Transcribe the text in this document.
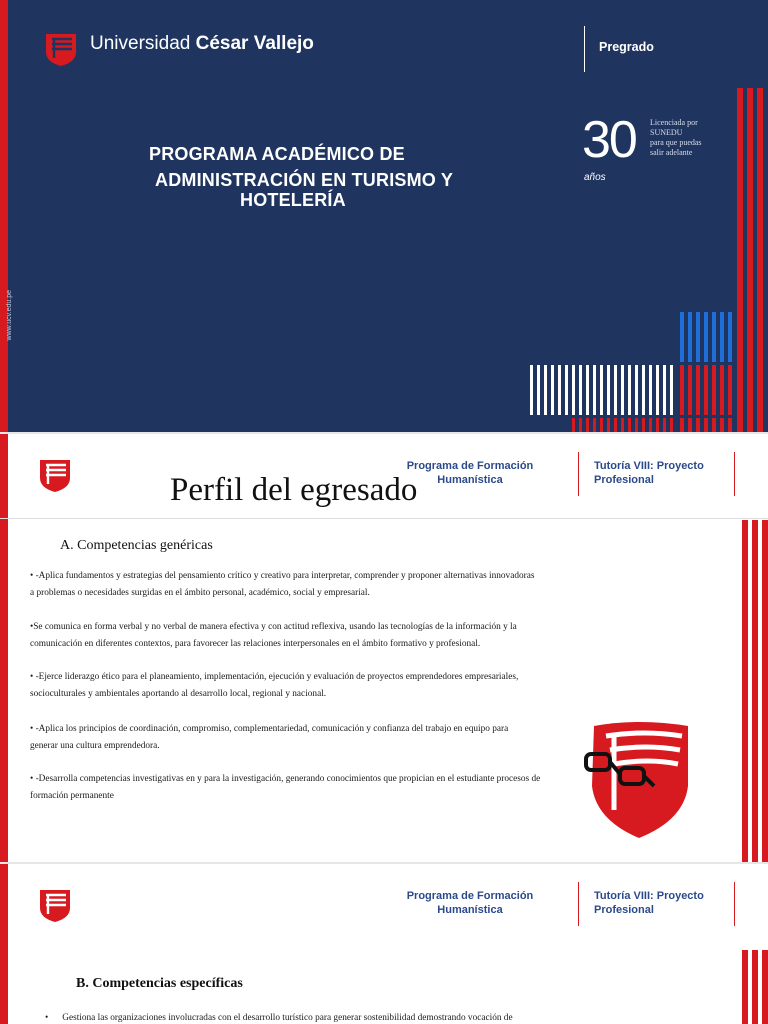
Universidad César Vallejo	Pregrado
PROGRAMA ACADÉMICO DE
ADMINISTRACIÓN EN TURISMO Y
HOTELERÍA
30
años
Licenciada por
SUNEDU
para que puedas
salir adelante
www.ucv.edu.pe
Programa de Formación
Humanística
Tutoría VIII: Proyecto
Profesional
Perfil del egresado
A. Competencias genéricas
• -Aplica fundamentos y estrategias del pensamiento crítico y creativo para interpretar, comprender y proponer alternativas innovadoras
a problemas o necesidades surgidas en el ámbito personal, académico, social y empresarial.
•Se comunica en forma verbal y no verbal de manera efectiva y con actitud reflexiva, usando las tecnologías de la información y la
comunicación en diferentes contextos, para favorecer las relaciones interpersonales en el ámbito formativo y profesional.
• -Ejerce liderazgo ético para el planeamiento, implementación, ejecución y evaluación de proyectos emprendedores empresariales,
socioculturales y ambientales aportando al desarrollo local, regional y nacional.
• -Aplica los principios de coordinación, compromiso, complementariedad, comunicación y confianza del trabajo en equipo para
generar una cultura emprendedora.
• -Desarrolla competencias investigativas en y para la investigación, generando conocimientos que propician en el estudiante procesos de
formación permanente
Programa de Formación
Humanística
Tutoría VIII: Proyecto
Profesional
B. Competencias específicas
• Gestiona las organizaciones involucradas con el desarrollo turístico para generar sostenibilidad demostrando vocación de
